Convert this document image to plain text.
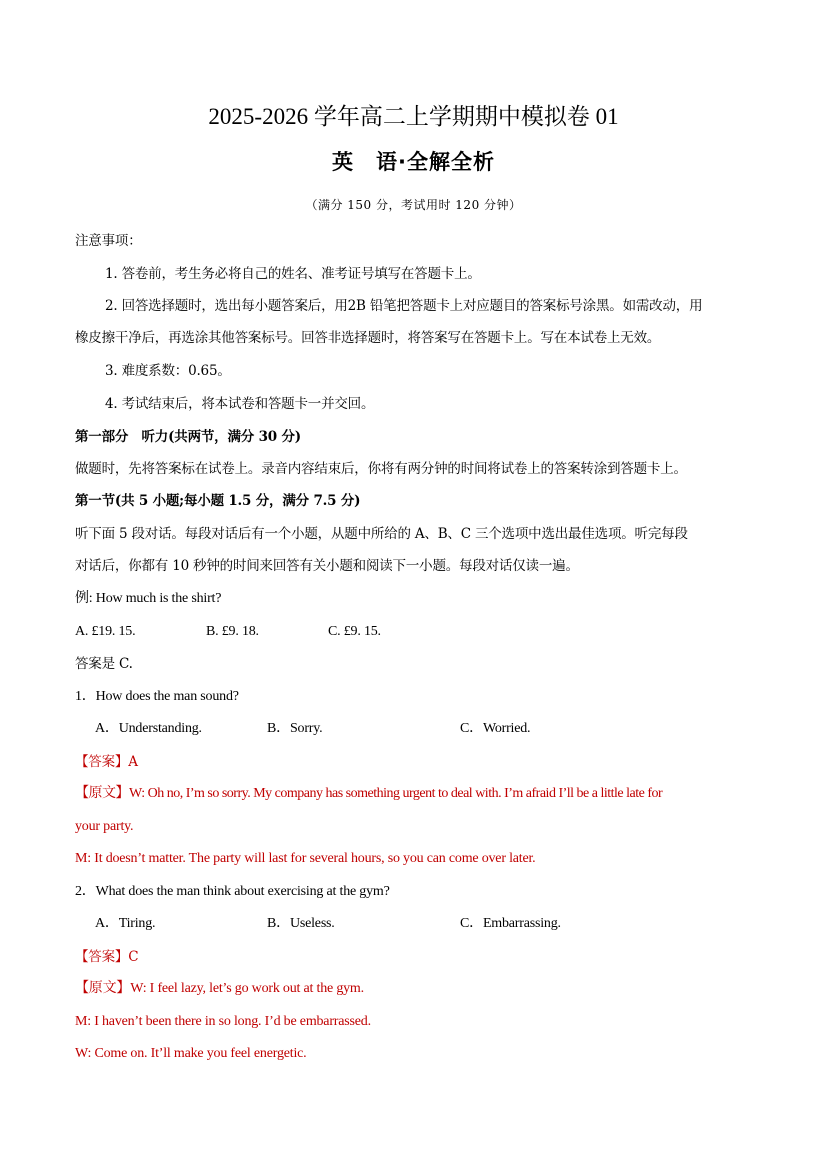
2025-2026 学年高二上学期期中模拟卷 01
英　语·全解全析
（满分 150 分，考试用时 120 分钟）
注意事项：
1. 答卷前，考生务必将自己的姓名、准考证号填写在答题卡上。
2. 回答选择题时，选出每小题答案后，用2B 铅笔把答题卡上对应题目的答案标号涂黑。如需改动，用
橡皮擦干净后，再选涂其他答案标号。回答非选择题时，将答案写在答题卡上。写在本试卷上无效。
3. 难度系数：0.65。
4. 考试结束后，将本试卷和答题卡一并交回。
第一部分　听力(共两节，满分 30 分)
做题时，先将答案标在试卷上。录音内容结束后，你将有两分钟的时间将试卷上的答案转涂到答题卡上。
第一节(共 5 小题;每小题 1.5 分，满分 7.5 分)
听下面 5 段对话。每段对话后有一个小题，从题中所给的 A、B、C 三个选项中选出最佳选项。听完每段
对话后，你都有 10 秒钟的时间来回答有关小题和阅读下一小题。每段对话仅读一遍。
例: How much is the shirt?
A. £19. 15.	B. £9. 18.	C. £9. 15.
答案是 C.
1．How does the man sound?
A．Understanding.	B．Sorry.	C．Worried.
【答案】A
【原文】W: Oh no, I’m so sorry. My company has something urgent to deal with. I’m afraid I’ll be a little late for
your party.
M: It doesn’t matter. The party will last for several hours, so you can come over later.
2．What does the man think about exercising at the gym?
A．Tiring.	B．Useless.	C．Embarrassing.
【答案】C
【原文】W: I feel lazy, let’s go work out at the gym.
M: I haven’t been there in so long. I’d be embarrassed.
W: Come on. It’ll make you feel energetic.
